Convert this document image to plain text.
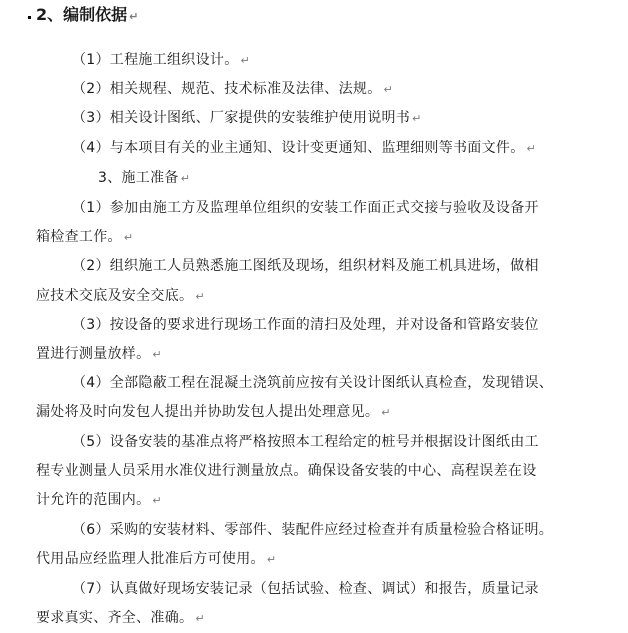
2、编制依据 ↵
（1）工程施工组织设计。 ↵
（2）相关规程、规范、技术标准及法律、法规。 ↵
（3）相关设计图纸、厂家提供的安装维护使用说明书 ↵
（4）与本项目有关的业主通知、设计变更通知、监理细则等书面文件。 ↵
3、施工准备 ↵
（1）参加由施工方及监理单位组织的安装工作面正式交接与验收及设备开
箱检查工作。 ↵
（2）组织施工人员熟悉施工图纸及现场，组织材料及施工机具进场，做相
应技术交底及安全交底。 ↵
（3）按设备的要求进行现场工作面的清扫及处理，并对设备和管路安装位
置进行测量放样。 ↵
（4）全部隐蔽工程在混凝土浇筑前应按有关设计图纸认真检查，发现错误、
漏处将及时向发包人提出并协助发包人提出处理意见。 ↵
（5）设备安装的基准点将严格按照本工程给定的桩号并根据设计图纸由工
程专业测量人员采用水准仪进行测量放点。确保设备安装的中心、高程误差在设
计允许的范围内。 ↵
（6）采购的安装材料、零部件、装配件应经过检查并有质量检验合格证明。
代用品应经监理人批准后方可使用。 ↵
（7）认真做好现场安装记录（包括试验、检查、调试）和报告，质量记录
要求真实、齐全、准确。 ↵
